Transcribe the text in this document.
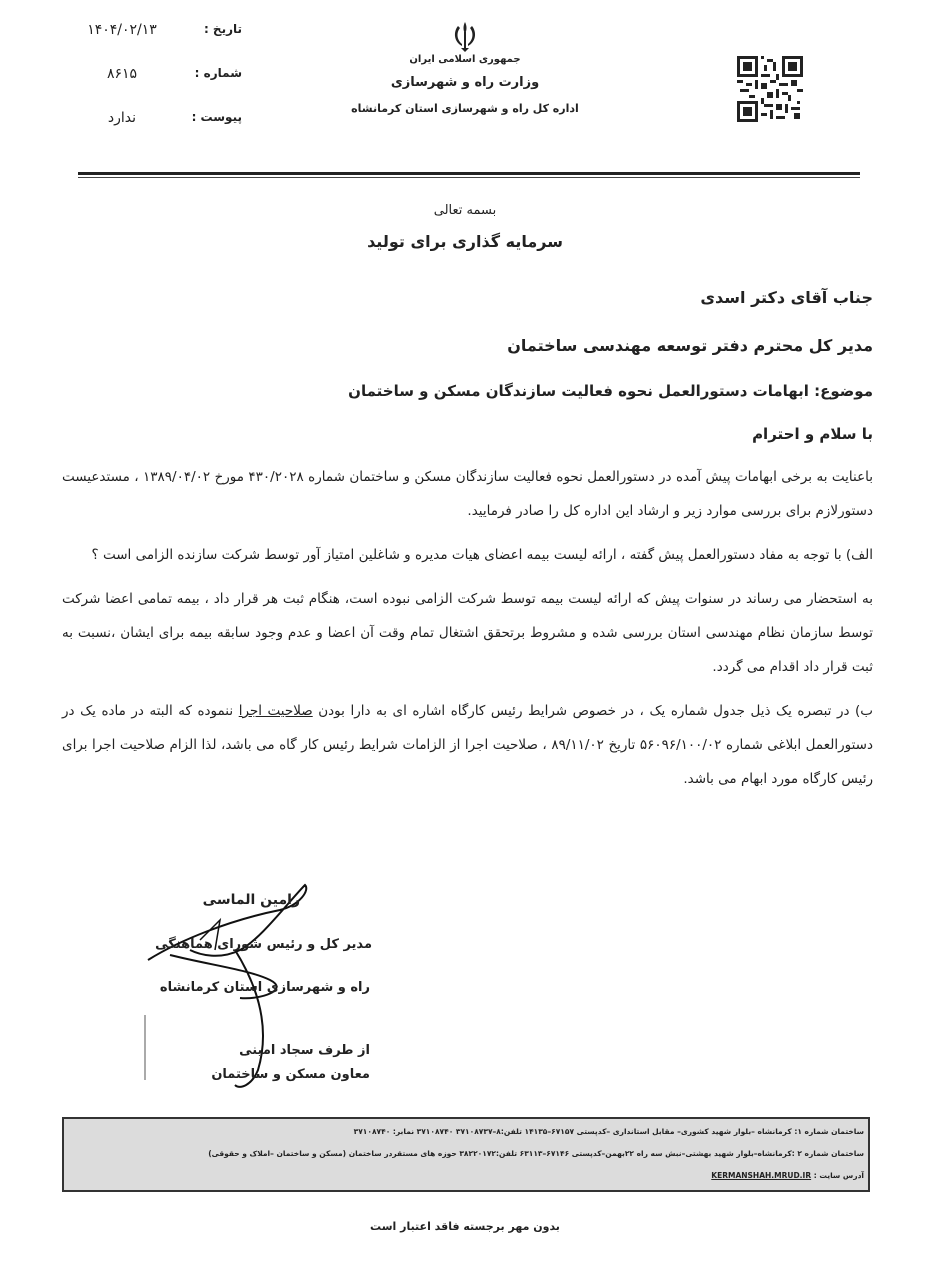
تاریخ :
۱۴۰۴/۰۲/۱۳
شماره :
۸۶۱۵
پیوست :
ندارد
جمهوری اسلامی ایران
وزارت راه و شهرسازی
اداره کل راه و شهرسازی استان کرمانشاه
بسمه تعالی
سرمایه گذاری برای تولید
جناب آقای دکتر اسدی
مدیر کل محترم دفتر توسعه مهندسی ساختمان
موضوع: ابهامات دستورالعمل نحوه فعالیت سازندگان مسکن و ساختمان
با سلام و احترام

باعنایت به برخی ابهامات پیش آمده در دستورالعمل نحوه فعالیت سازندگان مسکن و ساختمان شماره ۴۳۰/۲۰۲۸ مورخ ۱۳۸۹/۰۴/۰۲ ، مستدعیست دستورلازم برای بررسی موارد زیر و ارشاد این اداره کل را صادر فرمایید.

الف) با توجه به مفاد دستورالعمل پیش گفته ، ارائه لیست بیمه اعضای هیات مدیره و شاغلین امتیاز آور توسط شرکت سازنده الزامی است ؟

به استحضار می رساند در سنوات پیش که ارائه لیست بیمه توسط شرکت الزامی نبوده است، هنگام ثبت هر قرار داد ، بیمه تمامی اعضا شرکت توسط سازمان نظام مهندسی استان بررسی شده و مشروط برتحقق اشتغال تمام وقت آن اعضا و عدم وجود سابقه بیمه برای ایشان ،نسبت به ثبت قرار داد اقدام می گردد.

ب) در تبصره یک ذیل جدول شماره یک ، در خصوص شرایط رئیس کارگاه اشاره ای به دارا بودن صلاحیت اجرا ننموده که البته در ماده یک در دستورالعمل ابلاغی شماره ۵۶۰۹۶/۱۰۰/۰۲ تاریخ ۸۹/۱۱/۰۲ ، صلاحیت اجرا از الزامات شرایط رئیس کار گاه می باشد، لذا الزام صلاحیت اجرا برای رئیس کارگاه مورد ابهام می باشد.

رامین الماسی
مدیر کل و رئیس شورای هماهنگی
راه و شهرسازی استان کرمانشاه
از طرف سجاد امینی
معاون مسکن و ساختمان
ساختمان شماره ۱: کرمانشاه –بلوار شهید کشوری– مقابل استانداری –کدپستی ۶۷۱۵۷–۱۴۱۳۵ تلفن:۸–۳۷۱۰۸۷۳۷ ۳۷۱۰۸۷۴۰ نمابر: ۳۷۱۰۸۷۴۰
ساختمان شماره ۲ :کرمانشاه–بلوار شهید بهشتی–نبش سه راه ۲۲بهمن–کدپستی ۶۷۱۴۶–۶۳۱۱۳ تلفن:۳۸۲۲۰۱۷۲ حوزه های مستقردر ساختمان (مسکن و ساختمان –املاک و حقوقی)
آدرس سایت : KERMANSHAH.MRUD.IR
بدون مهر برجسته فاقد اعتبار است
